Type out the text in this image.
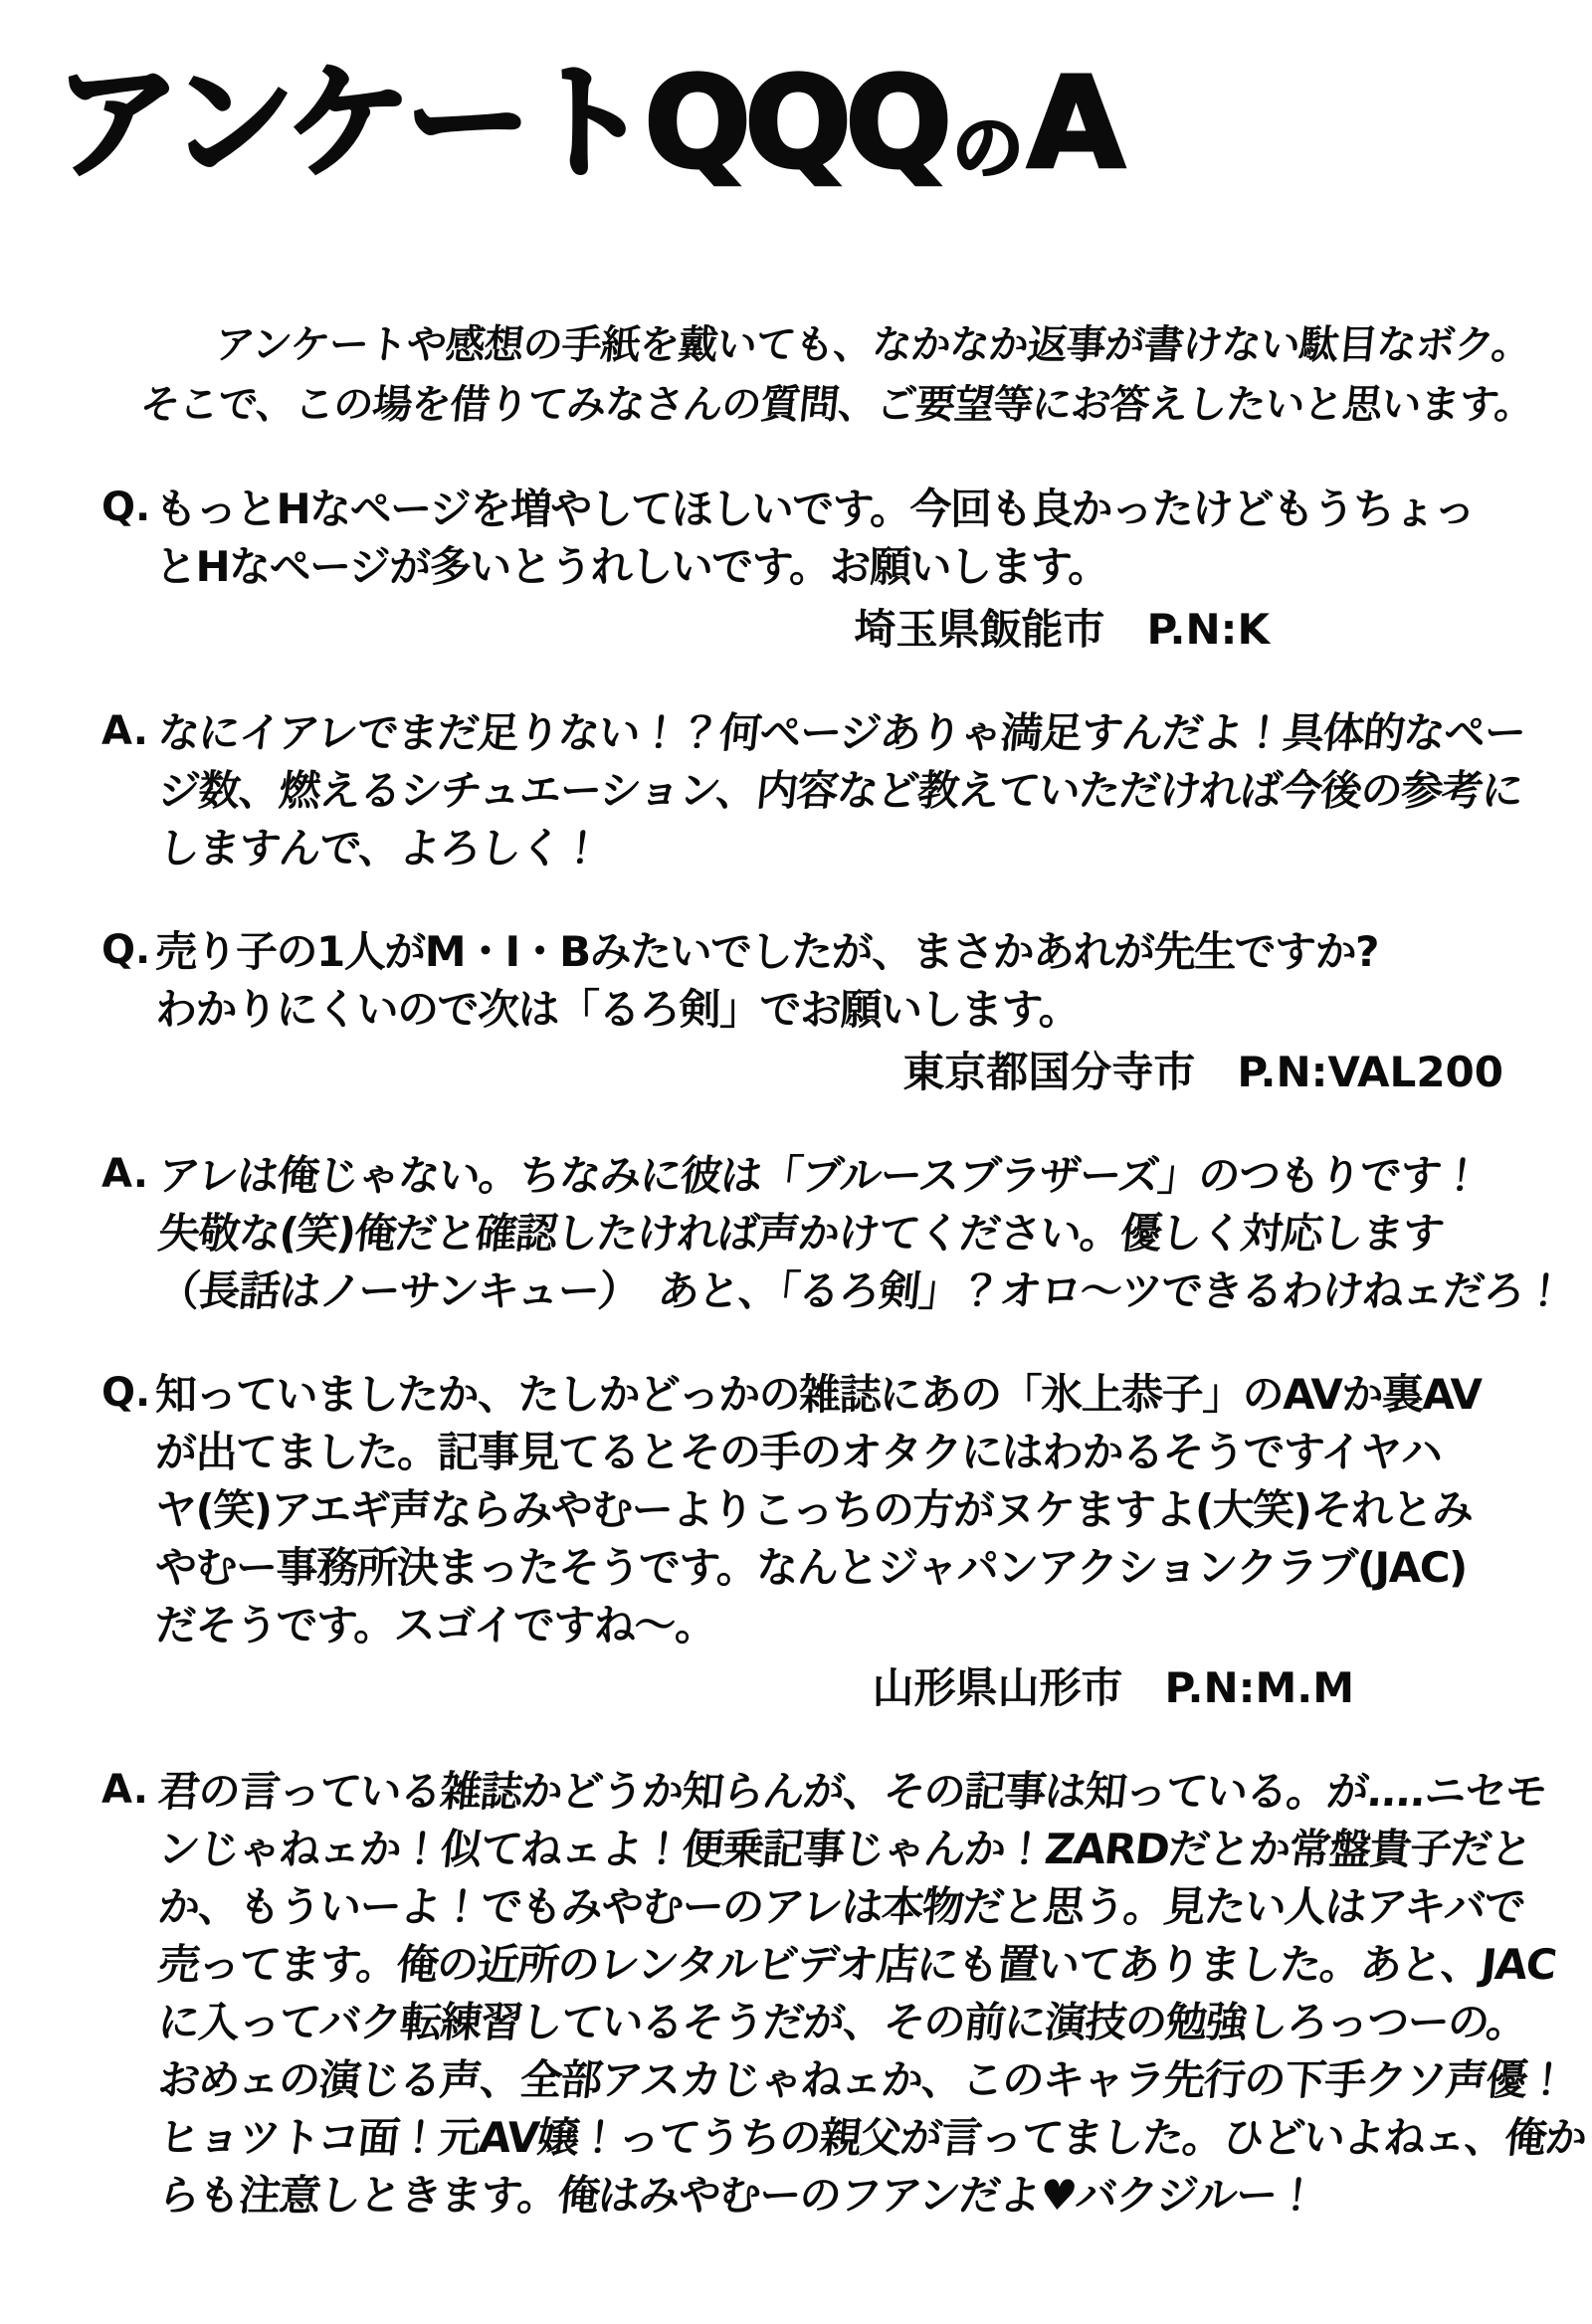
アンケートQQQ の A

アンケートや感想の手紙を戴いても、なかなか返事が書けない駄目なボク。
そこで、この場を借りてみなさんの質問、ご要望等にお答えしたいと思います。

Q. もっとHなページを増やしてほしいです。今回も良かったけどもうちょっ
とHなページが多いとうれしいです。お願いします。
埼玉県飯能市　P.N:K
A. なにイアレでまだ足りない！？何ページありゃ満足すんだよ！具体的なペー
ジ数、燃えるシチュエーション、内容など教えていただければ今後の参考に
しますんで、よろしく！
Q. 売り子の1人がM・I・Bみたいでしたが、まさかあれが先生ですか?
わかりにくいので次は「るろ剣」でお願いします。
東京都国分寺市　P.N:VAL200
A. アレは俺じゃない。ちなみに彼は「ブルースブラザーズ」のつもりです！
失敬な(笑)俺だと確認したければ声かけてください。優しく対応します
（長話はノーサンキュー）　あと、「るろ剣」？オロ～ツできるわけねェだろ！
Q. 知っていましたか、たしかどっかの雑誌にあの「氷上恭子」のAVか裏AV
が出てました。記事見てるとその手のオタクにはわかるそうですイヤハ
ヤ(笑)アエギ声ならみやむーよりこっちの方がヌケますよ(大笑)それとみ
やむー事務所決まったそうです。なんとジャパンアクションクラブ(JAC)
だそうです。スゴイですね～。
山形県山形市　P.N:M.M
A. 君の言っている雑誌かどうか知らんが、その記事は知っている。が....ニセモ
ンじゃねェか！似てねェよ！便乗記事じゃんか！ZARDだとか常盤貴子だと
か、もういーよ！でもみやむーのアレは本物だと思う。見たい人はアキバで
売ってます。俺の近所のレンタルビデオ店にも置いてありました。あと、JAC
に入ってバク転練習しているそうだが、その前に演技の勉強しろっつーの。
おめェの演じる声、全部アスカじゃねェか、このキャラ先行の下手クソ声優！
ヒョツトコ面！元AV嬢！ってうちの親父が言ってました。ひどいよねェ、俺か
らも注意しときます。俺はみやむーのフアンだよ♥バクジルー！
